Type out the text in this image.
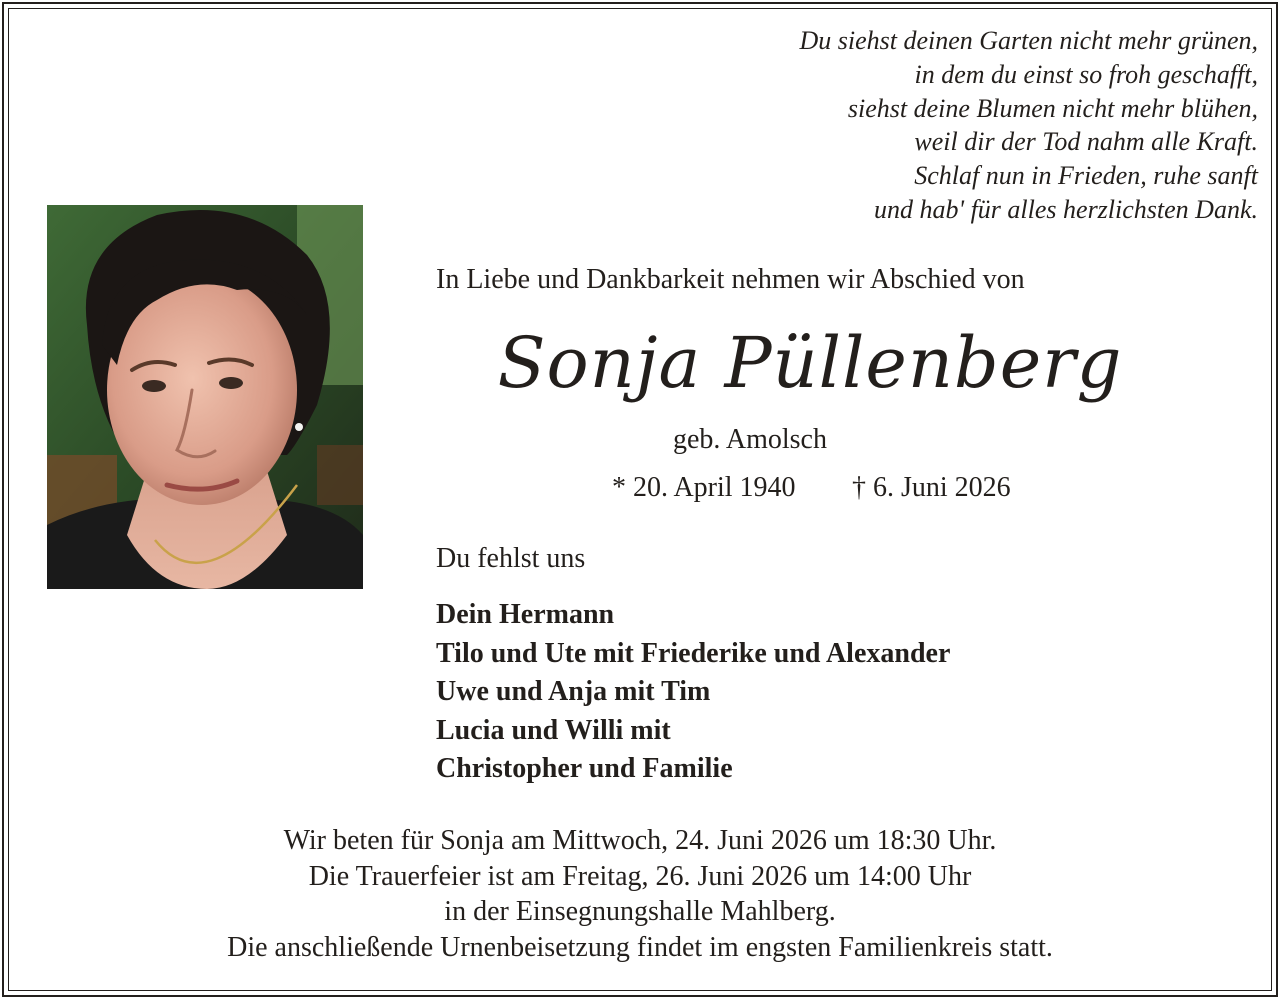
Du siehst deinen Garten nicht mehr grünen,
in dem du einst so froh geschafft,
siehst deine Blumen nicht mehr blühen,
weil dir der Tod nahm alle Kraft.
Schlaf nun in Frieden, ruhe sanft
und hab' für alles herzlichsten Dank.
In Liebe und Dankbarkeit nehmen wir Abschied von
Sonja Püllenberg
geb. Amolsch
* 20. April 1940 † 6. Juni 2026
Du fehlst uns
Dein Hermann
Tilo und Ute mit Friederike und Alexander
Uwe und Anja mit Tim
Lucia und Willi mit
Christopher und Familie
Wir beten für Sonja am Mittwoch, 24. Juni 2026 um 18:30 Uhr.
Die Trauerfeier ist am Freitag, 26. Juni 2026 um 14:00 Uhr
in der Einsegnungshalle Mahlberg.
Die anschließende Urnenbeisetzung findet im engsten Familienkreis statt.
